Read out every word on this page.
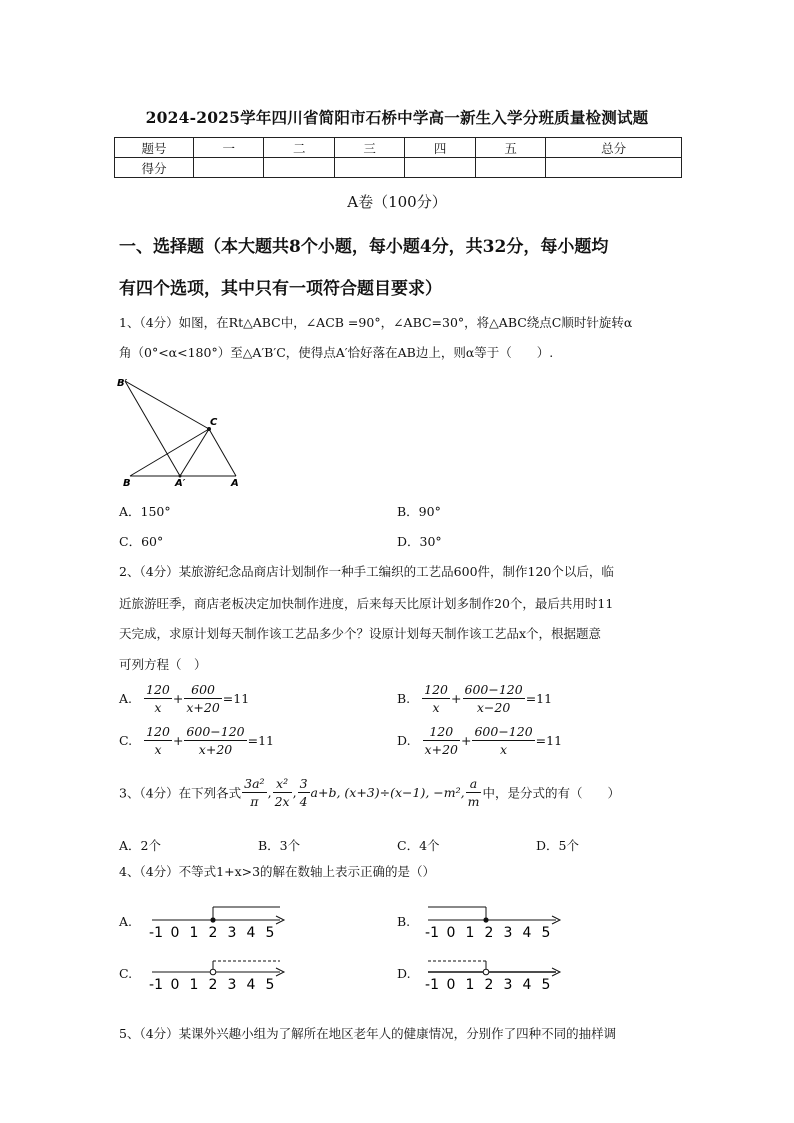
2024-2025学年四川省简阳市石桥中学高一新生入学分班质量检测试题
题号	一	二	三	四	五	总分
得分						
A卷（100分）
一、选择题（本大题共8个小题，每小题4分，共32分，每小题均
有四个选项，其中只有一项符合题目要求）
1、（4分）如图，在Rt△ABC中，∠ACB =90°，∠ABC=30°，将△ABC绕点C顺时针旋转α
角（0°<α<180°）至△A′B′C，使得点A′恰好落在AB边上，则α等于（　　）.
B′
C
B	A′	A
A．150°	B．90°
C．60°	D．30°
2、（4分）某旅游纪念品商店计划制作一种手工编织的工艺品600件，制作120个以后，临
近旅游旺季，商店老板决定加快制作进度，后来每天比原计划多制作20个，最后共用时11
天完成，求原计划每天制作该工艺品多少个？设原计划每天制作该工艺品x个，根据题意
可列方程（　）
A. $\frac{120}{x} + \frac{600}{x+20} =11$	B. $\frac{120}{x} + \frac{600-120}{x-20} =11$
C. $\frac{120}{x} + \frac{600-120}{x+20} =11$	D. $\frac{120}{x+20} + \frac{600-120}{x} =11$
3、（4分）在下列各式 $\frac{\text{3a²}}{\pi}$ , $\frac{\text{x²}}{2x}$ , $\frac{3}{4} a+b$, (x+3)÷(x−1), −m², $\frac{a}{m}$ 中，是分式的有（　　）
A．2个	B．3个	C．4个	D．5个
4、（4分）不等式1+x>3的解在数轴上表示正确的是（）
A.	B.
C.	D.
-1 0 1 2 3 4 5	-1 0 1 2 3 4 5
-1 0 1 2 3 4 5	-1 0 1 2 3 4 5
5、（4分）某课外兴趣小组为了解所在地区老年人的健康情况，分别作了四种不同的抽样调
